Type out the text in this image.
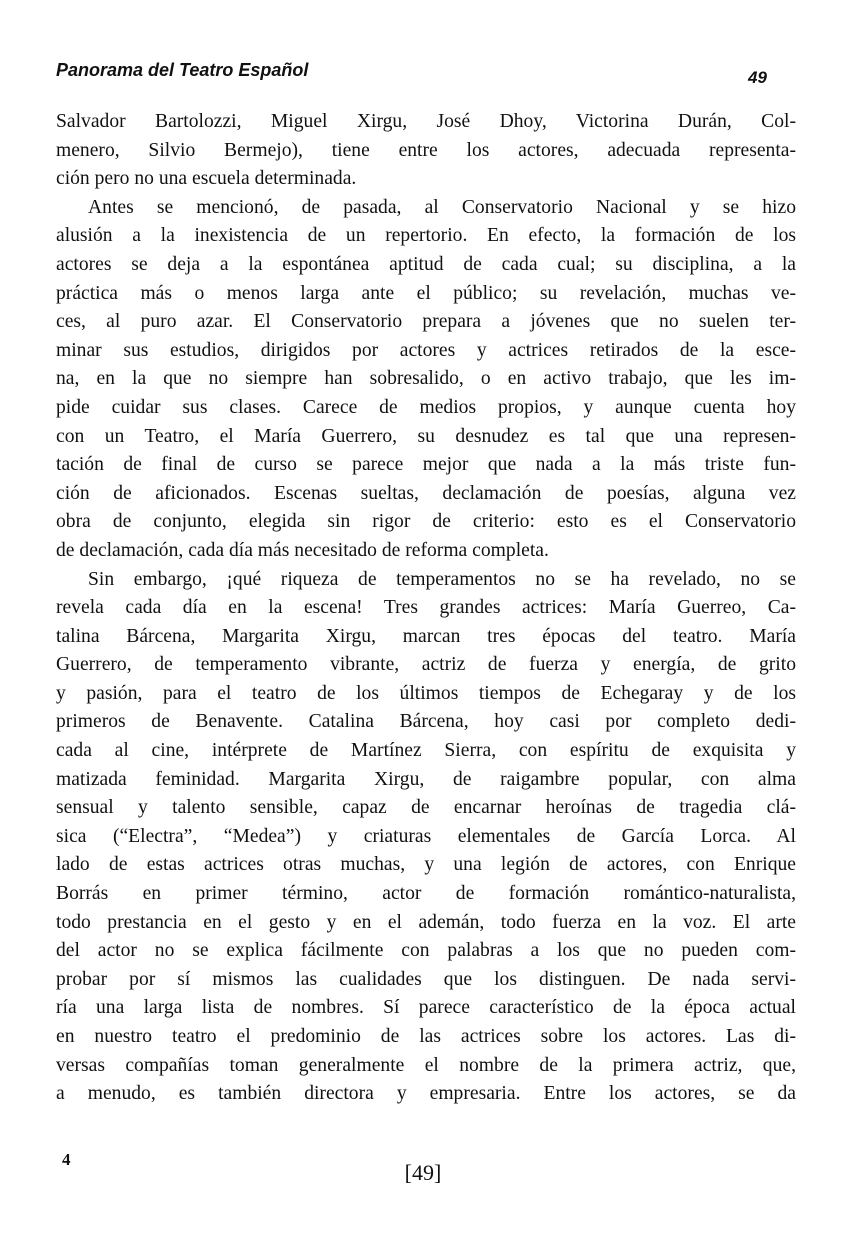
Panorama del Teatro Español	49
Salvador Bartolozzi, Miguel Xirgu, José Dhoy, Victorina Durán, Col-
menero, Silvio Bermejo), tiene entre los actores, adecuada representa-
ción pero no una escuela determinada.
Antes se mencionó, de pasada, al Conservatorio Nacional y se hizo
alusión a la inexistencia de un repertorio. En efecto, la formación de los
actores se deja a la espontánea aptitud de cada cual; su disciplina, a la
práctica más o menos larga ante el público; su revelación, muchas ve-
ces, al puro azar. El Conservatorio prepara a jóvenes que no suelen ter-
minar sus estudios, dirigidos por actores y actrices retirados de la esce-
na, en la que no siempre han sobresalido, o en activo trabajo, que les im-
pide cuidar sus clases. Carece de medios propios, y aunque cuenta hoy
con un Teatro, el María Guerrero, su desnudez es tal que una represen-
tación de final de curso se parece mejor que nada a la más triste fun-
ción de aficionados. Escenas sueltas, declamación de poesías, alguna vez
obra de conjunto, elegida sin rigor de criterio: esto es el Conservatorio
de declamación, cada día más necesitado de reforma completa.
Sin embargo, ¡qué riqueza de temperamentos no se ha revelado, no se
revela cada día en la escena! Tres grandes actrices: María Guerreo, Ca-
talina Bárcena, Margarita Xirgu, marcan tres épocas del teatro. María
Guerrero, de temperamento vibrante, actriz de fuerza y energía, de grito
y pasión, para el teatro de los últimos tiempos de Echegaray y de los
primeros de Benavente. Catalina Bárcena, hoy casi por completo dedi-
cada al cine, intérprete de Martínez Sierra, con espíritu de exquisita y
matizada feminidad. Margarita Xirgu, de raigambre popular, con alma
sensual y talento sensible, capaz de encarnar heroínas de tragedia clá-
sica (“Electra”, “Medea”) y criaturas elementales de García Lorca. Al
lado de estas actrices otras muchas, y una legión de actores, con Enrique
Borrás en primer término, actor de formación romántico-naturalista,
todo prestancia en el gesto y en el ademán, todo fuerza en la voz. El arte
del actor no se explica fácilmente con palabras a los que no pueden com-
probar por sí mismos las cualidades que los distinguen. De nada servi-
ría una larga lista de nombres. Sí parece característico de la época actual
en nuestro teatro el predominio de las actrices sobre los actores. Las di-
versas compañías toman generalmente el nombre de la primera actriz, que,
a menudo, es también directora y empresaria. Entre los actores, se da
4
[49]
